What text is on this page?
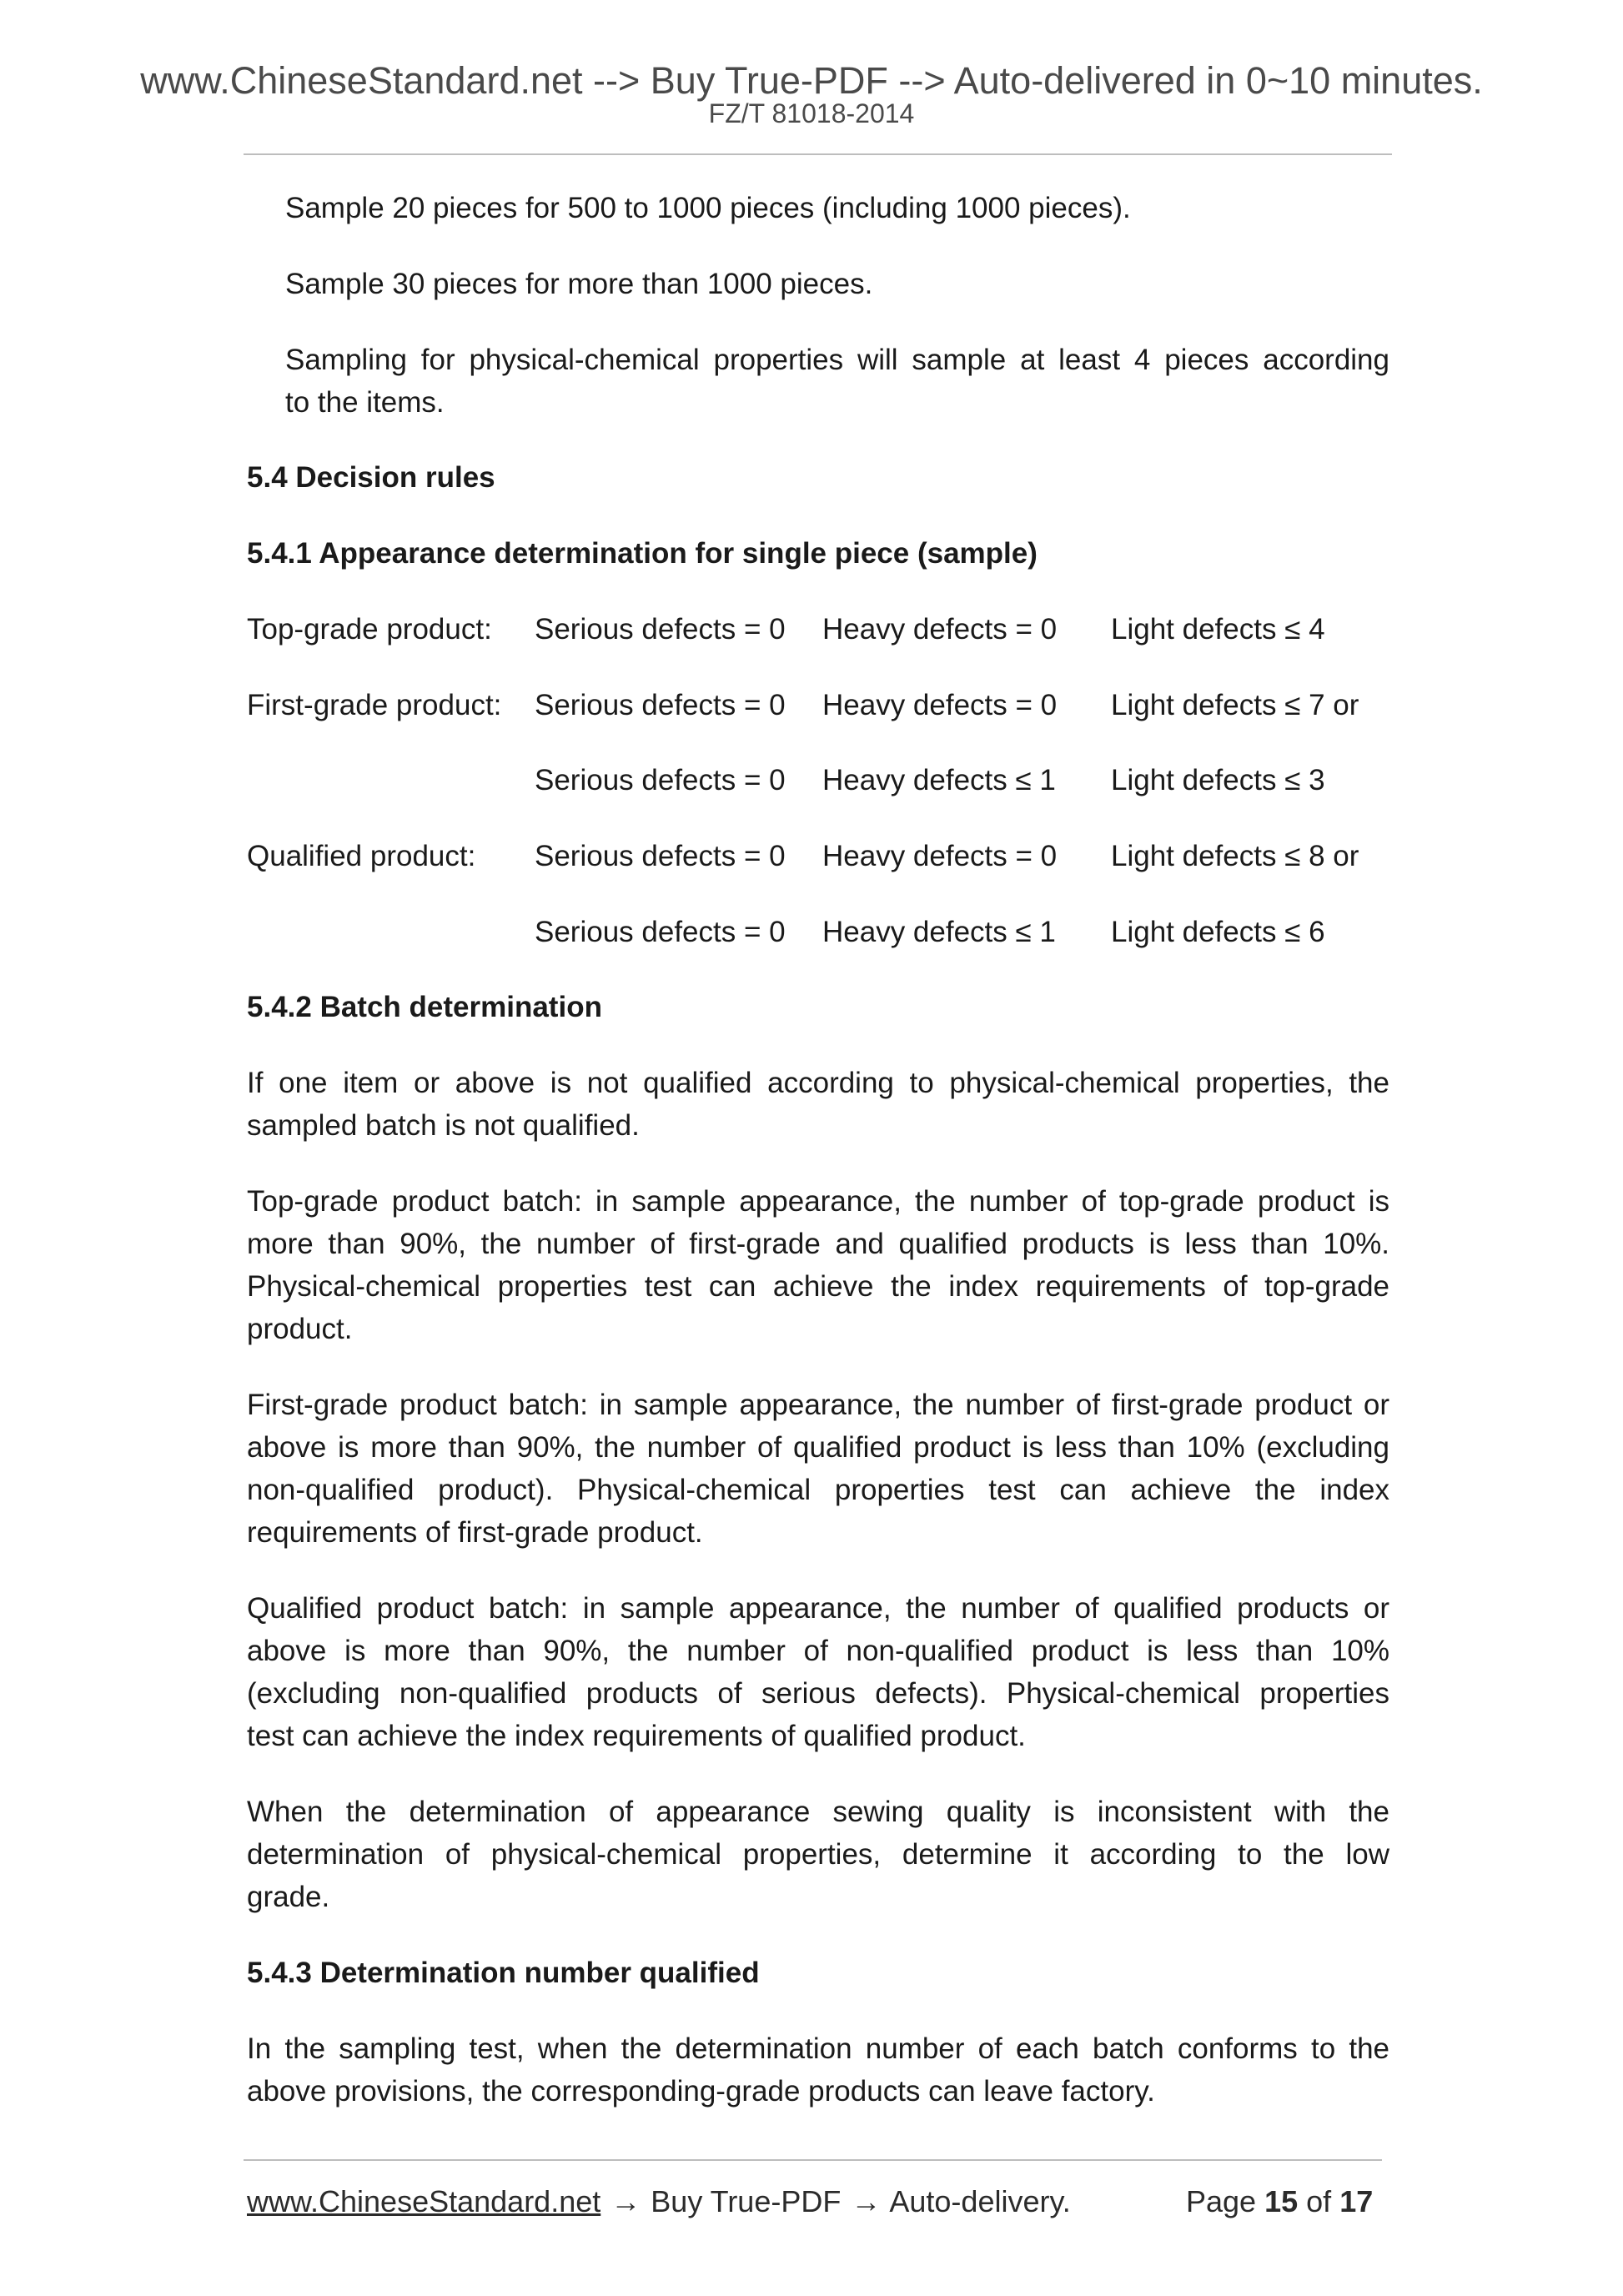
www.ChineseStandard.net --> Buy True-PDF --> Auto-delivered in 0~10 minutes.
FZ/T 81018-2014
Sample 20 pieces for 500 to 1000 pieces (including 1000 pieces).
Sample 30 pieces for more than 1000 pieces.
Sampling for physical-chemical properties will sample at least 4 pieces according
to the items.
5.4 Decision rules
5.4.1 Appearance determination for single piece (sample)
Top-grade product: Serious defects = 0 Heavy defects = 0 Light defects ≤ 4
First-grade product: Serious defects = 0 Heavy defects = 0 Light defects ≤ 7 or
Serious defects = 0 Heavy defects ≤ 1 Light defects ≤ 3
Qualified product: Serious defects = 0 Heavy defects = 0 Light defects ≤ 8 or
Serious defects = 0 Heavy defects ≤ 1 Light defects ≤ 6
5.4.2 Batch determination
If one item or above is not qualified according to physical-chemical properties, the
sampled batch is not qualified.
Top-grade product batch: in sample appearance, the number of top-grade product is
more than 90%, the number of first-grade and qualified products is less than 10%.
Physical-chemical properties test can achieve the index requirements of top-grade
product.
First-grade product batch: in sample appearance, the number of first-grade product or
above is more than 90%, the number of qualified product is less than 10% (excluding
non-qualified product). Physical-chemical properties test can achieve the index
requirements of first-grade product.
Qualified product batch: in sample appearance, the number of qualified products or
above is more than 90%, the number of non-qualified product is less than 10%
(excluding non-qualified products of serious defects). Physical-chemical properties
test can achieve the index requirements of qualified product.
When the determination of appearance sewing quality is inconsistent with the
determination of physical-chemical properties, determine it according to the low
grade.
5.4.3 Determination number qualified
In the sampling test, when the determination number of each batch conforms to the
above provisions, the corresponding-grade products can leave factory.
www.ChineseStandard.net → Buy True-PDF → Auto-delivery.	Page 15 of 17
